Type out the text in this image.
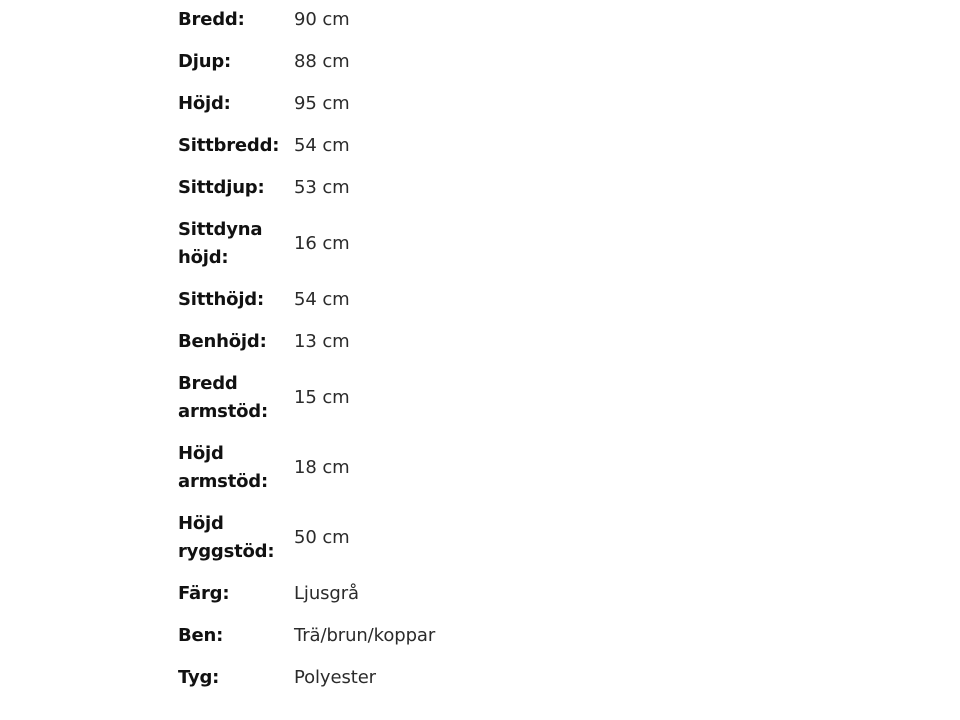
Bredd:	90 cm
Djup:	88 cm
Höjd:	95 cm
Sittbredd:	54 cm
Sittdjup:	53 cm
Sittdyna höjd:	16 cm
Sitthöjd:	54 cm
Benhöjd:	13 cm
Bredd armstöd:	15 cm
Höjd armstöd:	18 cm
Höjd ryggstöd:	50 cm
Färg:	Ljusgrå
Ben:	Trä/brun/koppar
Tyg:	Polyester
